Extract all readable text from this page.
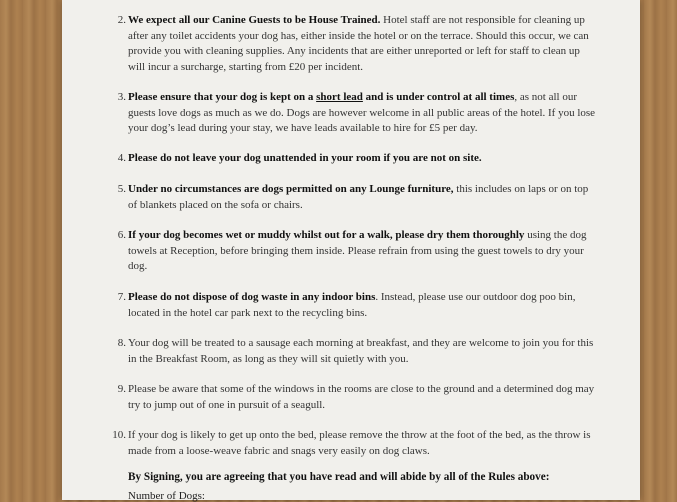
2. We expect all our Canine Guests to be House Trained. Hotel staff are not responsible for cleaning up after any toilet accidents your dog has, either inside the hotel or on the terrace. Should this occur, we can provide you with cleaning supplies. Any incidents that are either unreported or left for staff to clean up will incur a surcharge, starting from £20 per incident.
3. Please ensure that your dog is kept on a short lead and is under control at all times, as not all our guests love dogs as much as we do. Dogs are however welcome in all public areas of the hotel. If you lose your dog’s lead during your stay, we have leads available to hire for £5 per day.
4. Please do not leave your dog unattended in your room if you are not on site.
5. Under no circumstances are dogs permitted on any Lounge furniture, this includes on laps or on top of blankets placed on the sofa or chairs.
6. If your dog becomes wet or muddy whilst out for a walk, please dry them thoroughly using the dog towels at Reception, before bringing them inside. Please refrain from using the guest towels to dry your dog.
7. Please do not dispose of dog waste in any indoor bins. Instead, please use our outdoor dog poo bin, located in the hotel car park next to the recycling bins.
8. Your dog will be treated to a sausage each morning at breakfast, and they are welcome to join you for this in the Breakfast Room, as long as they will sit quietly with you.
9. Please be aware that some of the windows in the rooms are close to the ground and a determined dog may try to jump out of one in pursuit of a seagull.
10. If your dog is likely to get up onto the bed, please remove the throw at the foot of the bed, as the throw is made from a loose-weave fabric and snags very easily on dog claws.
By Signing, you are agreeing that you have read and will abide by all of the Rules above:
Number of Dogs:
